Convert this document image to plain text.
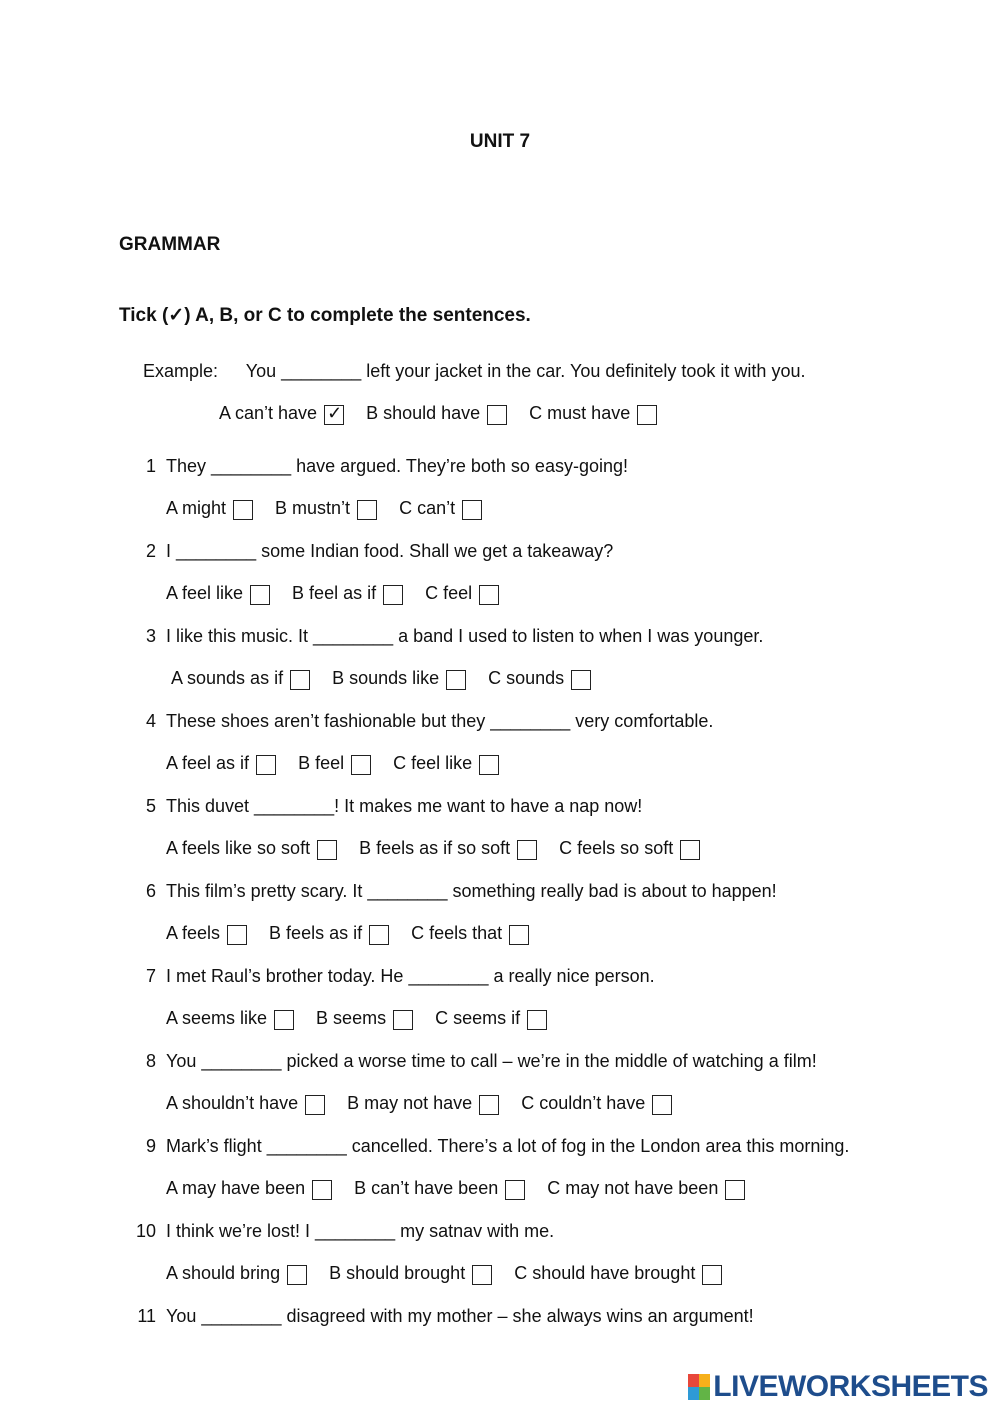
UNIT 7
GRAMMAR
Tick (✓) A, B, or C to complete the sentences.
Example: You ________ left your jacket in the car. You definitely took it with you.
A can’t have
✓	B should have	C must have
1 They ________ have argued. They’re both so easy-going!
A might	B mustn’t	C can’t
2 I ________ some Indian food. Shall we get a takeaway?
A feel like	B feel as if	C feel
3 I like this music. It ________ a band I used to listen to when I was younger.
A sounds as if	B sounds like	C sounds
4 These shoes aren’t fashionable but they ________ very comfortable.
A feel as if	B feel	C feel like
5 This duvet ________! It makes me want to have a nap now!
A feels like so soft	B feels as if so soft	C feels so soft
6 This film’s pretty scary. It ________ something really bad is about to happen!
A feels	B feels as if	C feels that
7 I met Raul’s brother today. He ________ a really nice person.
A seems like	B seems	C seems if
8 You ________ picked a worse time to call – we’re in the middle of watching a film!
A shouldn’t have	B may not have	C couldn’t have
9 Mark’s flight ________ cancelled. There’s a lot of fog in the London area this morning.
A may have been	B can’t have been	C may not have been
10 I think we’re lost! I ________ my satnav with me.
A should bring	B should brought	C should have brought
11 You ________ disagreed with my mother – she always wins an argument!
LIVEWORKSHEETS
